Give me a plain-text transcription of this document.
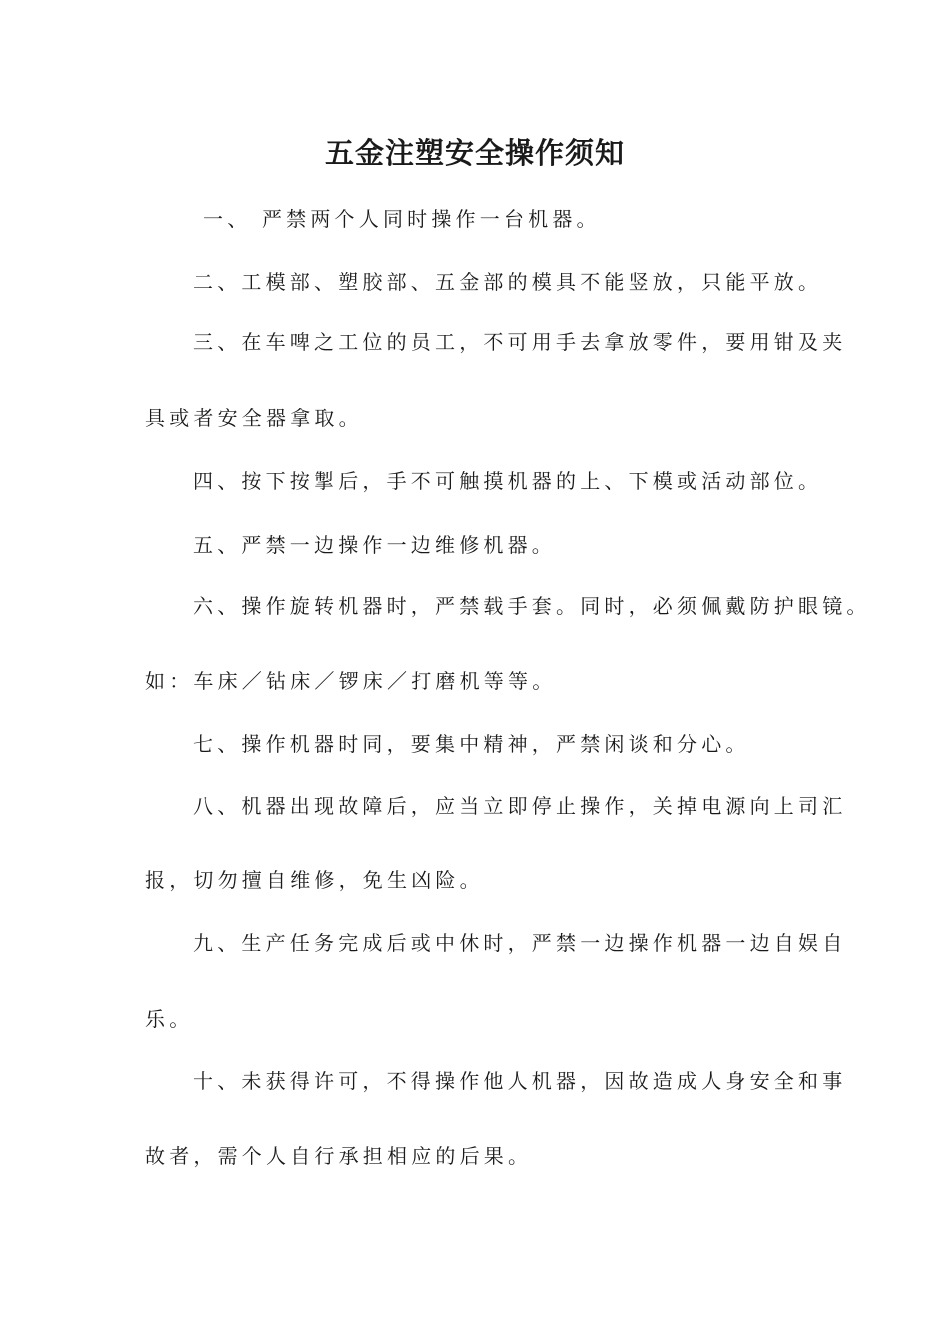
五金注塑安全操作须知
一、 严禁两个人同时操作一台机器。
二、工模部、塑胶部、五金部的模具不能竖放，只能平放。
三、在车啤之工位的员工，不可用手去拿放零件，要用钳及夹
具或者安全器拿取。
四、按下按掣后，手不可触摸机器的上、下模或活动部位。
五、严禁一边操作一边维修机器。
六、操作旋转机器时，严禁载手套。同时，必须佩戴防护眼镜。
如：车床／钻床／锣床／打磨机等等。
七、操作机器时同，要集中精神，严禁闲谈和分心。
八、机器出现故障后，应当立即停止操作，关掉电源向上司汇
报，切勿擅自维修，免生凶险。
九、生产任务完成后或中休时，严禁一边操作机器一边自娱自
乐。
十、未获得许可，不得操作他人机器，因故造成人身安全和事
故者，需个人自行承担相应的后果。
